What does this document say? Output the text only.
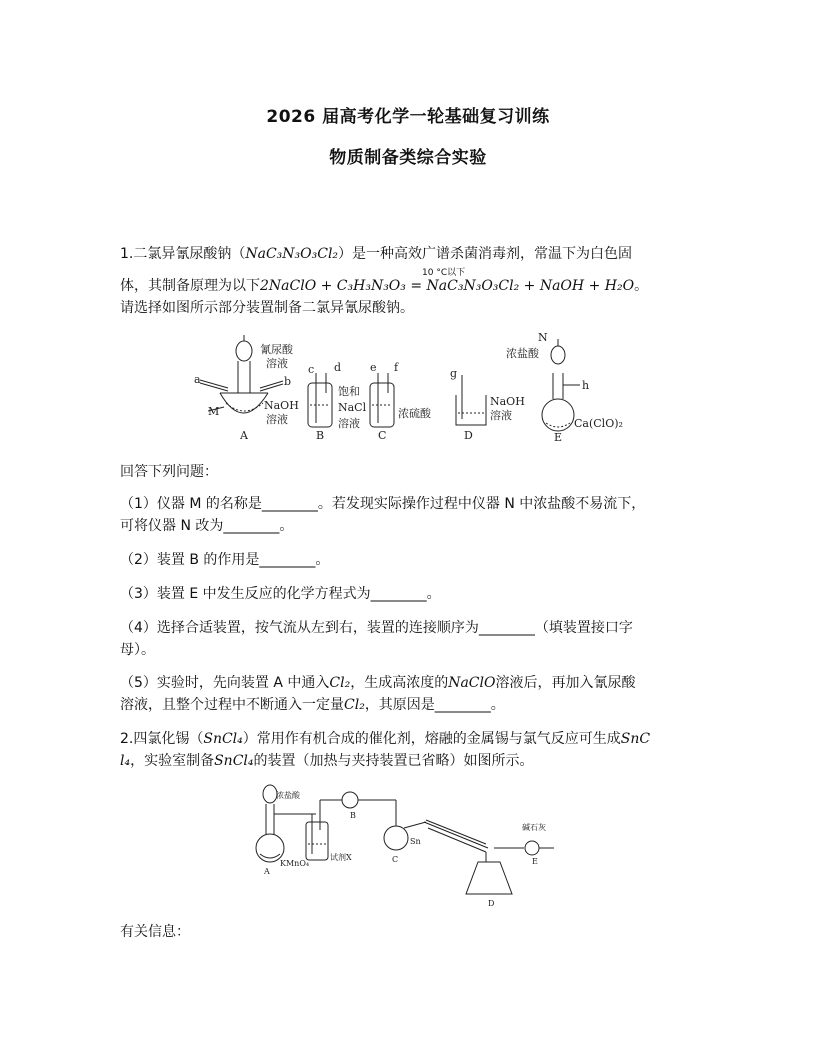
2026 届高考化学一轮基础复习训练
物质制备类综合实验
1.二氯异氰尿酸钠（NaC₃N₃O₃Cl₂）是一种高效广谱杀菌消毒剂，常温下为白色固
10 °C以下
体，其制备原理为以下2NaClO + C₃H₃N₃O₃ = NaC₃N₃O₃Cl₂ + NaOH + H₂O。
请选择如图所示部分装置制备二氯异氰尿酸钠。
a	b
M
A
氰尿酸
溶液
NaOH
溶液
c d
B
饱和
NaCl
溶液
e f
C
浓硫酸
g
D
NaOH
溶液
N
浓盐酸
h
E
Ca(ClO)₂
回答下列问题：
（1）仪器 M 的名称是________。若发现实际操作过程中仪器 N 中浓盐酸不易流下，
可将仪器 N 改为________。
（2）装置 B 的作用是________。
（3）装置 E 中发生反应的化学方程式为________。
（4）选择合适装置，按气流从左到右，装置的连接顺序为________（填装置接口字
母）。
（5）实验时，先向装置 A 中通入Cl₂，生成高浓度的NaClO溶液后，再加入氰尿酸
溶液，且整个过程中不断通入一定量Cl₂，其原因是________。
2.四氯化锡（SnCl₄）常用作有机合成的催化剂，熔融的金属锡与氯气反应可生成SnC
l₄，实验室制备SnCl₄的装置（加热与夹持装置已省略）如图所示。
浓盐酸
A
KMnO₄
试剂X
B
C
Sn
碱石灰
E
D
有关信息：
